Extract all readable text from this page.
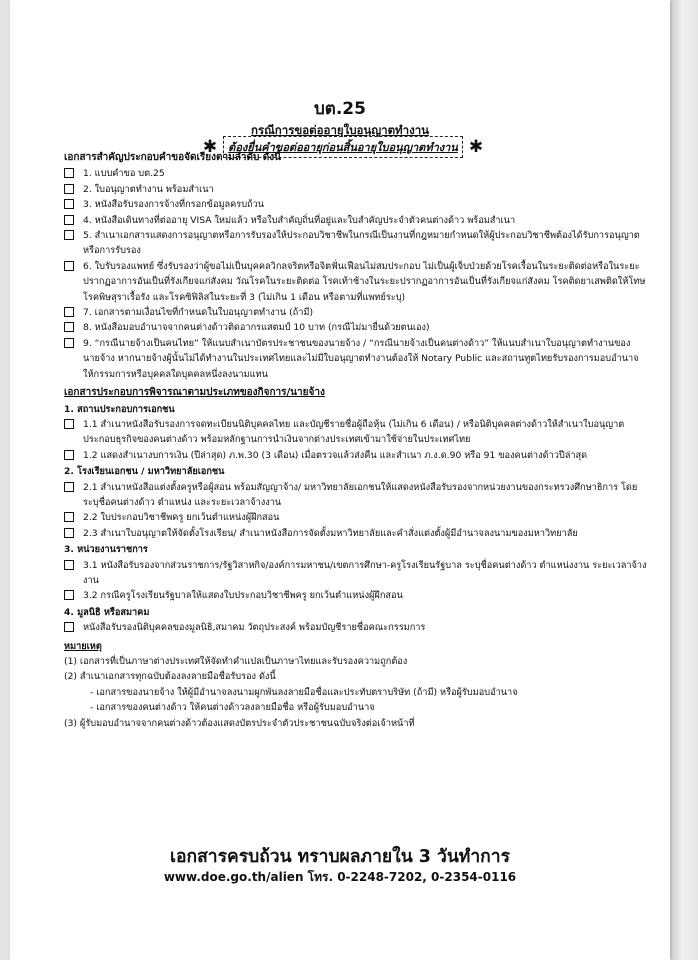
บต.25
กรณีการขอต่ออายุใบอนุญาตทำงาน
✱	ต้องยื่นคำขอต่ออายุก่อนสิ้นอายุใบอนุญาตทำงาน ✱
เอกสารสำคัญประกอบคำขอจัดเรียงตามลำดับ ดังนี้
1. แบบคำขอ บต.25
2. ใบอนุญาตทำงาน พร้อมสำเนา
3. หนังสือรับรองการจ้างที่กรอกข้อมูลครบถ้วน
4. หนังสือเดินทางที่ต่ออายุ VISA ใหม่แล้ว หรือใบสำคัญถิ่นที่อยู่และใบสำคัญประจำตัวคนต่างด้าว พร้อมสำเนา
5. สำเนาเอกสารแสดงการอนุญาตหรือการรับรองให้ประกอบวิชาชีพในกรณีเป็นงานที่กฎหมายกำหนดให้ผู้ประกอบวิชาชีพต้องได้รับการอนุญาตหรือการรับรอง
6. ใบรับรองแพทย์ ซึ่งรับรองว่าผู้ขอไม่เป็นบุคคลวิกลจริตหรือจิตฟั่นเฟือนไม่สมประกอบ ไม่เป็นผู้เจ็บป่วยด้วยโรคเรื้อนในระยะติดต่อหรือในระยะปรากฏอาการอันเป็นที่รังเกียจแก่สังคม วัณโรคในระยะติดต่อ โรคเท้าช้างในระยะปรากฏอาการอันเป็นที่รังเกียจแก่สังคม โรคติดยาเสพติดให้โทษ โรคพิษสุราเรื้อรัง และโรคซิฟิลิสในระยะที่ 3 (ไม่เกิน 1 เดือน หรือตามที่แพทย์ระบุ)
7. เอกสารตามเงื่อนไขที่กำหนดในใบอนุญาตทำงาน (ถ้ามี)
8. หนังสือมอบอำนาจจากคนต่างด้าวติดอากรแสตมป์ 10 บาท (กรณีไม่มายื่นด้วยตนเอง)
9. “กรณีนายจ้างเป็นคนไทย” ให้แนบสำเนาบัตรประชาชนของนายจ้าง / “กรณีนายจ้างเป็นคนต่างด้าว” ให้แนบสำเนาใบอนุญาตทำงานของนายจ้าง หากนายจ้างผู้นั้นไม่ได้ทำงานในประเทศไทยและไม่มีใบอนุญาตทำงานต้องให้ Notary Public และสถานทูตไทยรับรองการมอบอำนาจให้กรรมการหรือบุคคลใดบุคคลหนึ่งลงนามแทน
เอกสารประกอบการพิจารณาตามประเภทของกิจการ/นายจ้าง
1. สถานประกอบการเอกชน
1.1 สำเนาหนังสือรับรองการจดทะเบียนนิติบุคคลไทย และบัญชีรายชื่อผู้ถือหุ้น (ไม่เกิน 6 เดือน) / หรือนิติบุคคลต่างด้าวให้สำเนาใบอนุญาตประกอบธุรกิจของคนต่างด้าว พร้อมหลักฐานการนำเงินจากต่างประเทศเข้ามาใช้จ่ายในประเทศไทย
1.2 แสดงสำเนางบการเงิน (ปีล่าสุด) ภ.พ.30 (3 เดือน) เมื่อตรวจแล้วส่งคืน และสำเนา ภ.ง.ด.90 หรือ 91 ของคนต่างด้าวปีล่าสุด
2. โรงเรียนเอกชน / มหาวิทยาลัยเอกชน
2.1 สำเนาหนังสือแต่งตั้งครูหรือผู้สอน พร้อมสัญญาจ้าง/ มหาวิทยาลัยเอกชนให้แสดงหนังสือรับรองจากหน่วยงานของกระทรวงศึกษาธิการ โดยระบุชื่อคนต่างด้าว ตำแหน่ง และระยะเวลาจ้างงาน
2.2 ใบประกอบวิชาชีพครู ยกเว้นตำแหน่งผู้ฝึกสอน
2.3 สำเนาใบอนุญาตให้จัดตั้งโรงเรียน/ สำเนาหนังสือการจัดตั้งมหาวิทยาลัยและคำสั่งแต่งตั้งผู้มีอำนาจลงนามของมหาวิทยาลัย
3. หน่วยงานราชการ
3.1 หนังสือรับรองจากส่วนราชการ/รัฐวิสาหกิจ/องค์การมหาชน/เขตการศึกษา-ครูโรงเรียนรัฐบาล ระบุชื่อคนต่างด้าว ตำแหน่งงาน ระยะเวลาจ้างงาน
3.2 กรณีครูโรงเรียนรัฐบาลให้แสดงใบประกอบวิชาชีพครู ยกเว้นตำแหน่งผู้ฝึกสอน
4. มูลนิธิ หรือสมาคม
หนังสือรับรองนิติบุคคลของมูลนิธิ,สมาคม วัตถุประสงค์ พร้อมบัญชีรายชื่อคณะกรรมการ
หมายเหตุ
(1) เอกสารที่เป็นภาษาต่างประเทศให้จัดทำคำแปลเป็นภาษาไทยและรับรองความถูกต้อง
(2) สำเนาเอกสารทุกฉบับต้องลงลายมือชื่อรับรอง ดังนี้
- เอกสารของนายจ้าง ให้ผู้มีอำนาจลงนามผูกพันลงลายมือชื่อและประทับตราบริษัท (ถ้ามี) หรือผู้รับมอบอำนาจ
- เอกสารของคนต่างด้าว ให้คนต่างด้าวลงลายมือชื่อ หรือผู้รับมอบอำนาจ
(3) ผู้รับมอบอำนาจจากคนต่างด้าวต้องแสดงบัตรประจำตัวประชาชนฉบับจริงต่อเจ้าหน้าที่
เอกสารครบถ้วน ทราบผลภายใน 3 วันทำการ
www.doe.go.th/alien โทร. 0-2248-7202, 0-2354-0116
